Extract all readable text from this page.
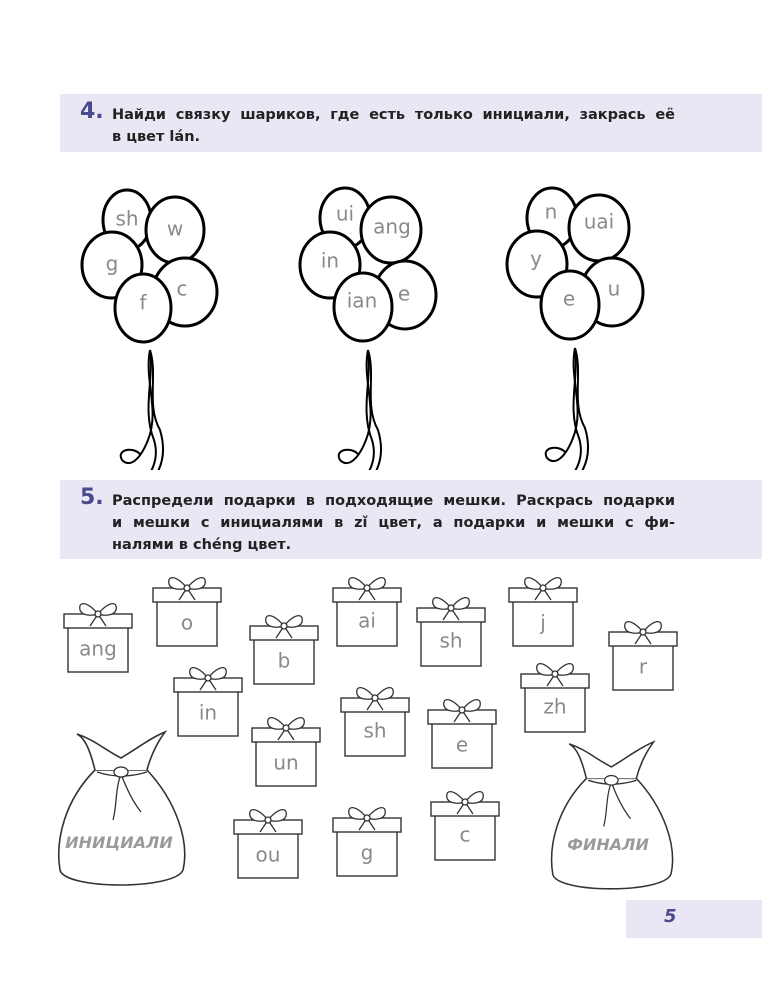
4. Найди связку шариков, где есть только инициали, закрась её
в цвет lán.
sh w
g
c
f
ui
ang
in
e
ian
n uai
y
u
e
5. Распредели подарки в подходящие мешки. Раскрась подарки
и мешки с инициалями в zǐ цвет, а подарки и мешки с фи-
налями в chéng цвет.
ang
o
in
b
un
ou
ai
sh
g
sh
e
c
j
zh
r
ИНИЦИАЛИ	ФИНАЛИ
5
